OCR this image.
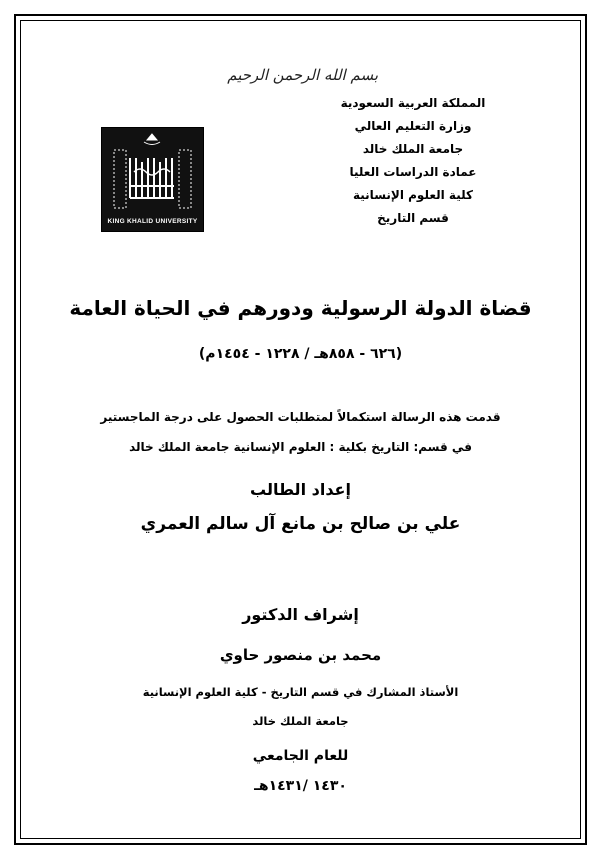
بسم الله الرحمن الرحيم
المملكة العربية السعودية
وزارة التعليم العالي
جامعة الملك خالد
عمادة الدراسات العليا
كلية العلوم الإنسانية
قسم التاريخ
KING KHALID UNIVERSITY
قضاة الدولة الرسولية ودورهم في الحياة العامة
(٦٢٦ - ٨٥٨هـ / ١٢٢٨ - ١٤٥٤م)
قدمت هذه الرسالة استكمالاً لمتطلبات الحصول على درجة الماجستير
في قسم: التاريخ بكلية : العلوم الإنسانية جامعة الملك خالد
إعداد الطالب
علي بن صالح بن مانع آل سالم العمري
إشراف الدكتور
محمد بن منصور حاوي
الأستاذ المشارك في قسم التاريخ - كلية العلوم الإنسانية
جامعة الملك خالد
للعام الجامعي
١٤٣٠ /١٤٣١هـ
